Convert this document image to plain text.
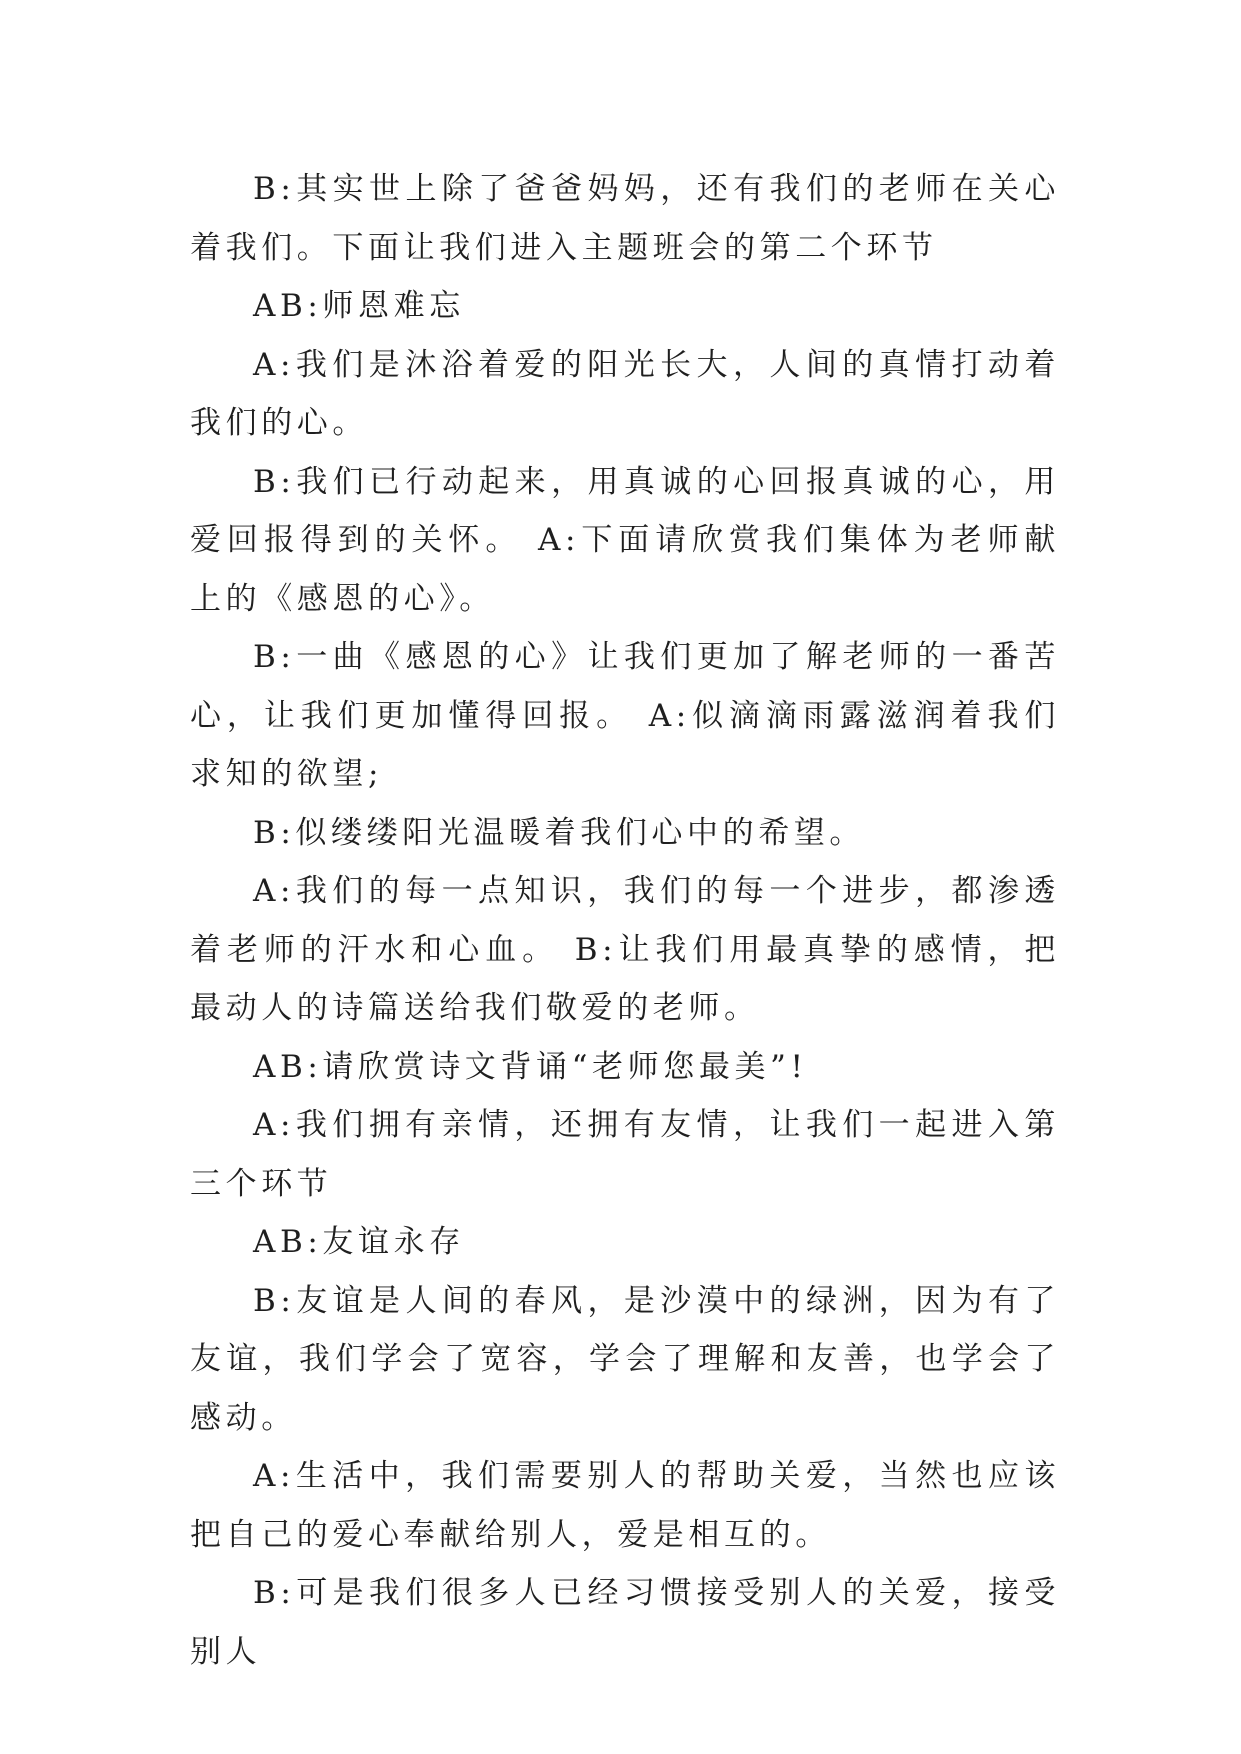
B:其实世上除了爸爸妈妈，还有我们的老师在关心着我们。下面让我们进入主题班会的第二个环节

AB:师恩难忘

A:我们是沐浴着爱的阳光长大，人间的真情打动着我们的心。

B:我们已行动起来，用真诚的心回报真诚的心，用爱回报得到的关怀。 A:下面请欣赏我们集体为老师献上的《感恩的心》。

B:一曲《感恩的心》让我们更加了解老师的一番苦心，让我们更加懂得回报。 A:似滴滴雨露滋润着我们求知的欲望;

B:似缕缕阳光温暖着我们心中的希望。

A:我们的每一点知识，我们的每一个进步，都渗透着老师的汗水和心血。 B:让我们用最真挚的感情，把最动人的诗篇送给我们敬爱的老师。

AB:请欣赏诗文背诵“老师您最美”!

A:我们拥有亲情，还拥有友情，让我们一起进入第三个环节

AB:友谊永存

B:友谊是人间的春风，是沙漠中的绿洲，因为有了友谊，我们学会了宽容，学会了理解和友善，也学会了感动。

A:生活中，我们需要别人的帮助关爱，当然也应该把自己的爱心奉献给别人，爱是相互的。

B:可是我们很多人已经习惯接受别人的关爱，接受别人
